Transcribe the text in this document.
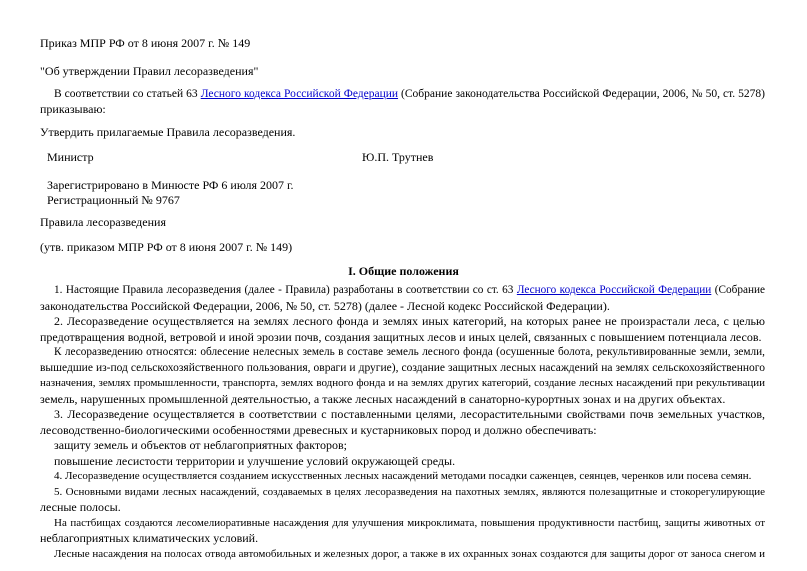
Приказ МПР РФ от 8 июня 2007 г. № 149
"Об утверждении Правил лесоразведения"
В соответствии со статьей 63 Лесного кодекса Российской Федерации (Собрание законодательства Российской Федерации, 2006, № 50, ст. 5278)
приказываю:
Утвердить прилагаемые Правила лесоразведения.
Министр	Ю.П. Трутнев
Зарегистрировано в Минюсте РФ 6 июля 2007 г.
Регистрационный № 9767
Правила лесоразведения
(утв. приказом МПР РФ от 8 июня 2007 г. № 149)
I. Общие положения
1. Настоящие Правила лесоразведения (далее - Правила) разработаны в соответствии со ст. 63 Лесного кодекса Российской Федерации (Собрание
законодательства Российской Федерации, 2006, № 50, ст. 5278) (далее - Лесной кодекс Российской Федерации).
2. Лесоразведение осуществляется на землях лесного фонда и землях иных категорий, на которых ранее не произрастали леса, с целью
предотвращения водной, ветровой и иной эрозии почв, создания защитных лесов и иных целей, связанных с повышением потенциала лесов.
К лесоразведению относятся: облесение нелесных земель в составе земель лесного фонда (осушенные болота, рекультивированные земли, земли,
вышедшие из-под сельскохозяйственного пользования, овраги и другие), создание защитных лесных насаждений на землях сельскохозяйственного
назначения, землях промышленности, транспорта, землях водного фонда и на землях других категорий, создание лесных насаждений при рекультивации
земель, нарушенных промышленной деятельностью, а также лесных насаждений в санаторно-курортных зонах и на других объектах.
3. Лесоразведение осуществляется в соответствии с поставленными целями, лесорастительными свойствами почв земельных участков,
лесоводственно-биологическими особенностями древесных и кустарниковых пород и должно обеспечивать:
защиту земель и объектов от неблагоприятных факторов;
повышение лесистости территории и улучшение условий окружающей среды.
4. Лесоразведение осуществляется созданием искусственных лесных насаждений методами посадки саженцев, сеянцев, черенков или посева семян.
5. Основными видами лесных насаждений, создаваемых в целях лесоразведения на пахотных землях, являются полезащитные и стокорегулирующие
лесные полосы.
На пастбищах создаются лесомелиоративные насаждения для улучшения микроклимата, повышения продуктивности пастбищ, защиты животных от
неблагоприятных климатических условий.
Лесные насаждения на полосах отвода автомобильных и железных дорог, а также в их охранных зонах создаются для защиты дорог от заноса снегом и
